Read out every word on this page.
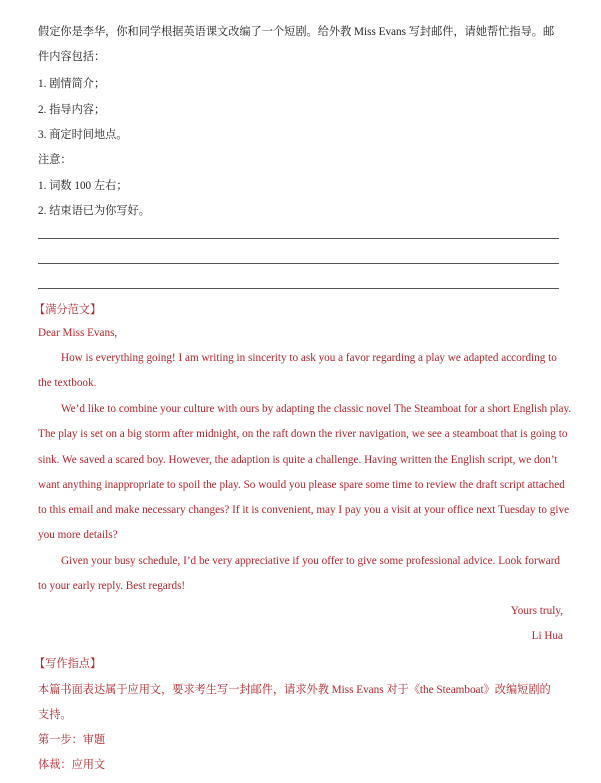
假定你是李华，你和同学根据英语课文改编了一个短剧。给外教 Miss Evans 写封邮件，请她帮忙指导。邮
件内容包括：
1. 剧情简介；
2. 指导内容；
3. 商定时间地点。
注意：
1. 词数 100 左右；
2. 结束语已为你写好。
【满分范文】
Dear Miss Evans,
How is everything going! I am writing in sincerity to ask you a favor regarding a play we adapted according to
the textbook.
We’d like to combine your culture with ours by adapting the classic novel The Steamboat for a short English play.
The play is set on a big storm after midnight, on the raft down the river navigation, we see a steamboat that is going to
sink. We saved a scared boy. However, the adaption is quite a challenge. Having written the English script, we don’t
want anything inappropriate to spoil the play. So would you please spare some time to review the draft script attached
to this email and make necessary changes? If it is convenient, may I pay you a visit at your office next Tuesday to give
you more details?
Given your busy schedule, I’d be very appreciative if you offer to give some professional advice. Look forward
to your early reply. Best regards!
Yours truly,
Li Hua
【写作指点】
本篇书面表达属于应用文，要求考生写一封邮件，请求外教 Miss Evans 对于《the Steamboat》改编短剧的
支持。
第一步：审题
体裁：应用文
